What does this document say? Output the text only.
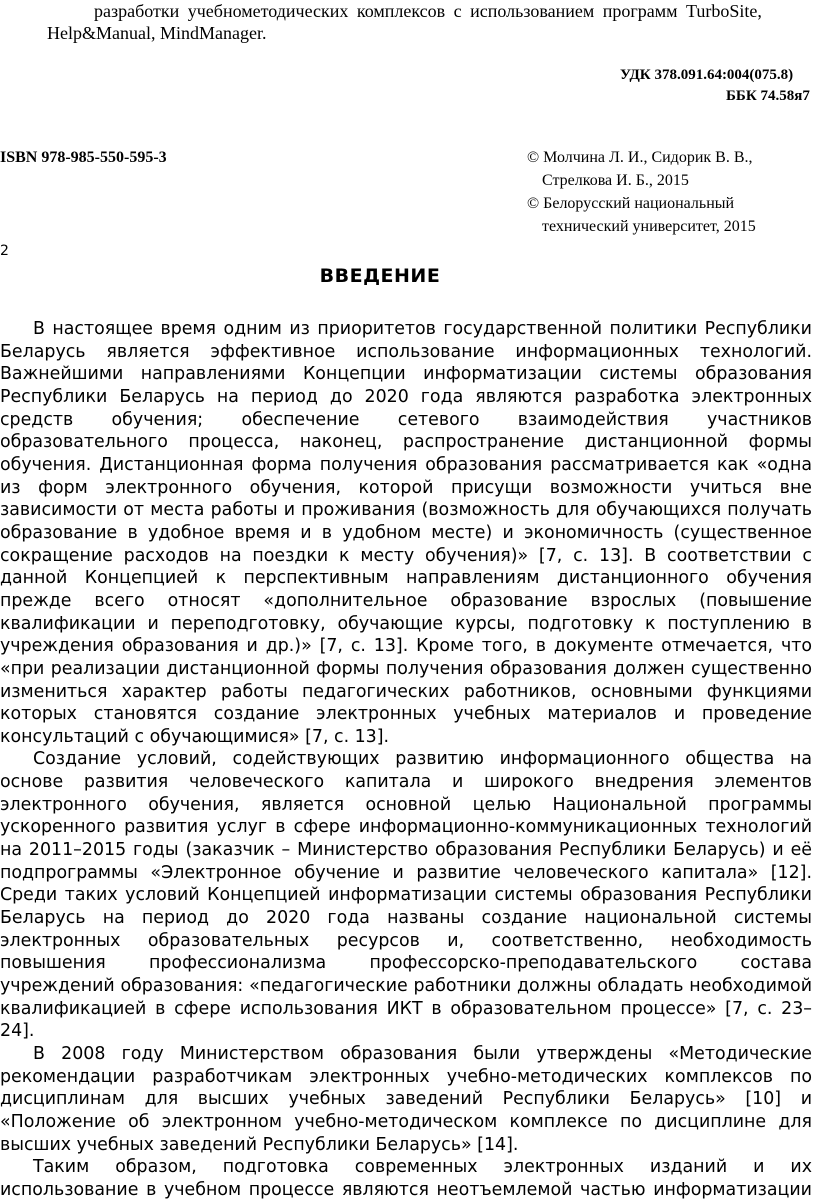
разработки учебнометодических комплексов с использованием программ TurboSite,
Help&Manual, MindManager.
УДК 378.091.64:004(075.8)
ББК 74.58я7
ISBN 978-985-550-595-3	© Молчина Л. И., Сидорик В. В.,
Стрелкова И. Б., 2015
© Белорусский национальный
технический университет, 2015
2
ВВЕДЕНИЕ

В настоящее время одним из приоритетов государственной политики Республики Беларусь является эффективное использование информационных технологий. Важнейшими направлениями Концепции информатизации системы образования Республики Беларусь на период до 2020 года являются разработка электронных средств обучения; обеспечение сетевого взаимодействия участников образовательного процесса, наконец, распространение дистанционной формы обучения. Дистанционная форма получения образования рассматривается как «одна из форм электронного обучения, которой присущи возможности учиться вне зависимости от места работы и проживания (возможность для обучающихся получать образование в удобное время и в удобном месте) и экономичность (существенное сокращение расходов на поездки к месту обучения)» [7, с. 13]. В соответствии с данной Концепцией к перспективным направлениям дистанционного обучения прежде всего относят «дополнительное образование взрослых (повышение квалификации и переподготовку, обучающие курсы, подготовку к поступлению в учреждения образования и др.)» [7, с. 13]. Кроме того, в документе отмечается, что «при реализации дистанционной формы получения образования должен существенно измениться характер работы педагогических работников, основными функциями которых становятся создание электронных учебных материалов и проведение консультаций с обучающимися» [7, с. 13].

Создание условий, содействующих развитию информационного общества на основе развития человеческого капитала и широкого внедрения элементов электронного обучения, является основной целью Национальной программы ускоренного развития услуг в сфере информационно-коммуникационных технологий на 2011–2015 годы (заказчик – Министерство образования Республики Беларусь) и её подпрограммы «Электронное обучение и развитие человеческого капитала» [12]. Среди таких условий Концепцией информатизации системы образования Республики Беларусь на период до 2020 года названы создание национальной системы электронных образовательных ресурсов и, соответственно, необходимость повышения профессионализма профессорско-преподавательского состава учреждений образования: «педагогические работники должны обладать необходимой квалификацией в сфере использования ИКТ в образовательном процессе» [7, с. 23–24].

В 2008 году Министерством образования были утверждены «Методические рекомендации разработчикам электронных учебно-методических комплексов по дисциплинам для высших учебных заведений Республики Беларусь» [10] и «Положение об электронном учебно-методическом комплексе по дисциплине для высших учебных заведений Республики Беларусь» [14].

Таким образом, подготовка современных электронных изданий и их использование в учебном процессе являются неотъемлемой частью информатизации
